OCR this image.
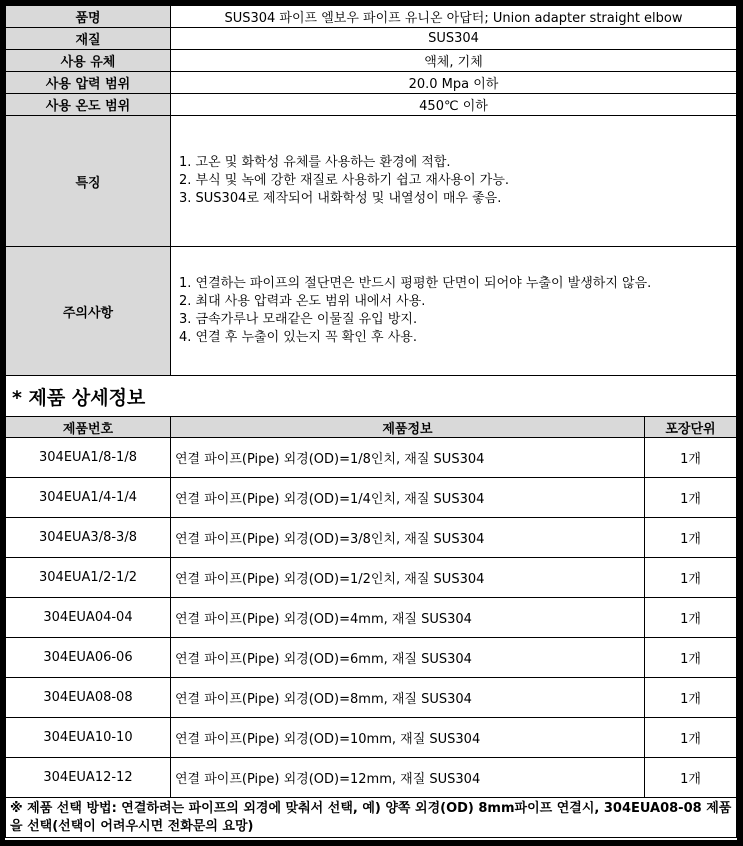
품명	SUS304 파이프 엘보우 파이프 유니온 아답터; Union adapter straight elbow
재질	SUS304
사용 유체	액체, 기체
사용 압력 범위	20.0 Mpa 이하
사용 온도 범위	450℃ 이하
특징	1. 고온 및 화학성 유체를 사용하는 환경에 적합.
2. 부식 및 녹에 강한 재질로 사용하기 쉽고 재사용이 가능.
3. SUS304로 제작되어 내화학성 및 내열성이 매우 좋음.

주의사항	1. 연결하는 파이프의 절단면은 반드시 평평한 단면이 되어야 누출이 발생하지 않음.
2. 최대 사용 압력과 온도 범위 내에서 사용.
3. 금속가루나 모래같은 이물질 유입 방지.
4. 연결 후 누출이 있는지 꼭 확인 후 사용.
* 제품 상세정보
제품번호	제품정보	포장단위
304EUA1/8-1/8	연결 파이프(Pipe) 외경(OD)=1/8인치, 재질 SUS304	1개
304EUA1/4-1/4	연결 파이프(Pipe) 외경(OD)=1/4인치, 재질 SUS304	1개
304EUA3/8-3/8	연결 파이프(Pipe) 외경(OD)=3/8인치, 재질 SUS304	1개
304EUA1/2-1/2	연결 파이프(Pipe) 외경(OD)=1/2인치, 재질 SUS304	1개
304EUA04-04	연결 파이프(Pipe) 외경(OD)=4mm, 재질 SUS304	1개
304EUA06-06	연결 파이프(Pipe) 외경(OD)=6mm, 재질 SUS304	1개
304EUA08-08	연결 파이프(Pipe) 외경(OD)=8mm, 재질 SUS304	1개
304EUA10-10	연결 파이프(Pipe) 외경(OD)=10mm, 재질 SUS304	1개
304EUA12-12	연결 파이프(Pipe) 외경(OD)=12mm, 재질 SUS304	1개
※ 제품 선택 방법: 연결하려는 파이프의 외경에 맞춰서 선택, 예) 양쪽 외경(OD) 8mm파이프 연결시, 304EUA08-08 제품을 선택(선택이 어려우시면 전화문의 요망)
